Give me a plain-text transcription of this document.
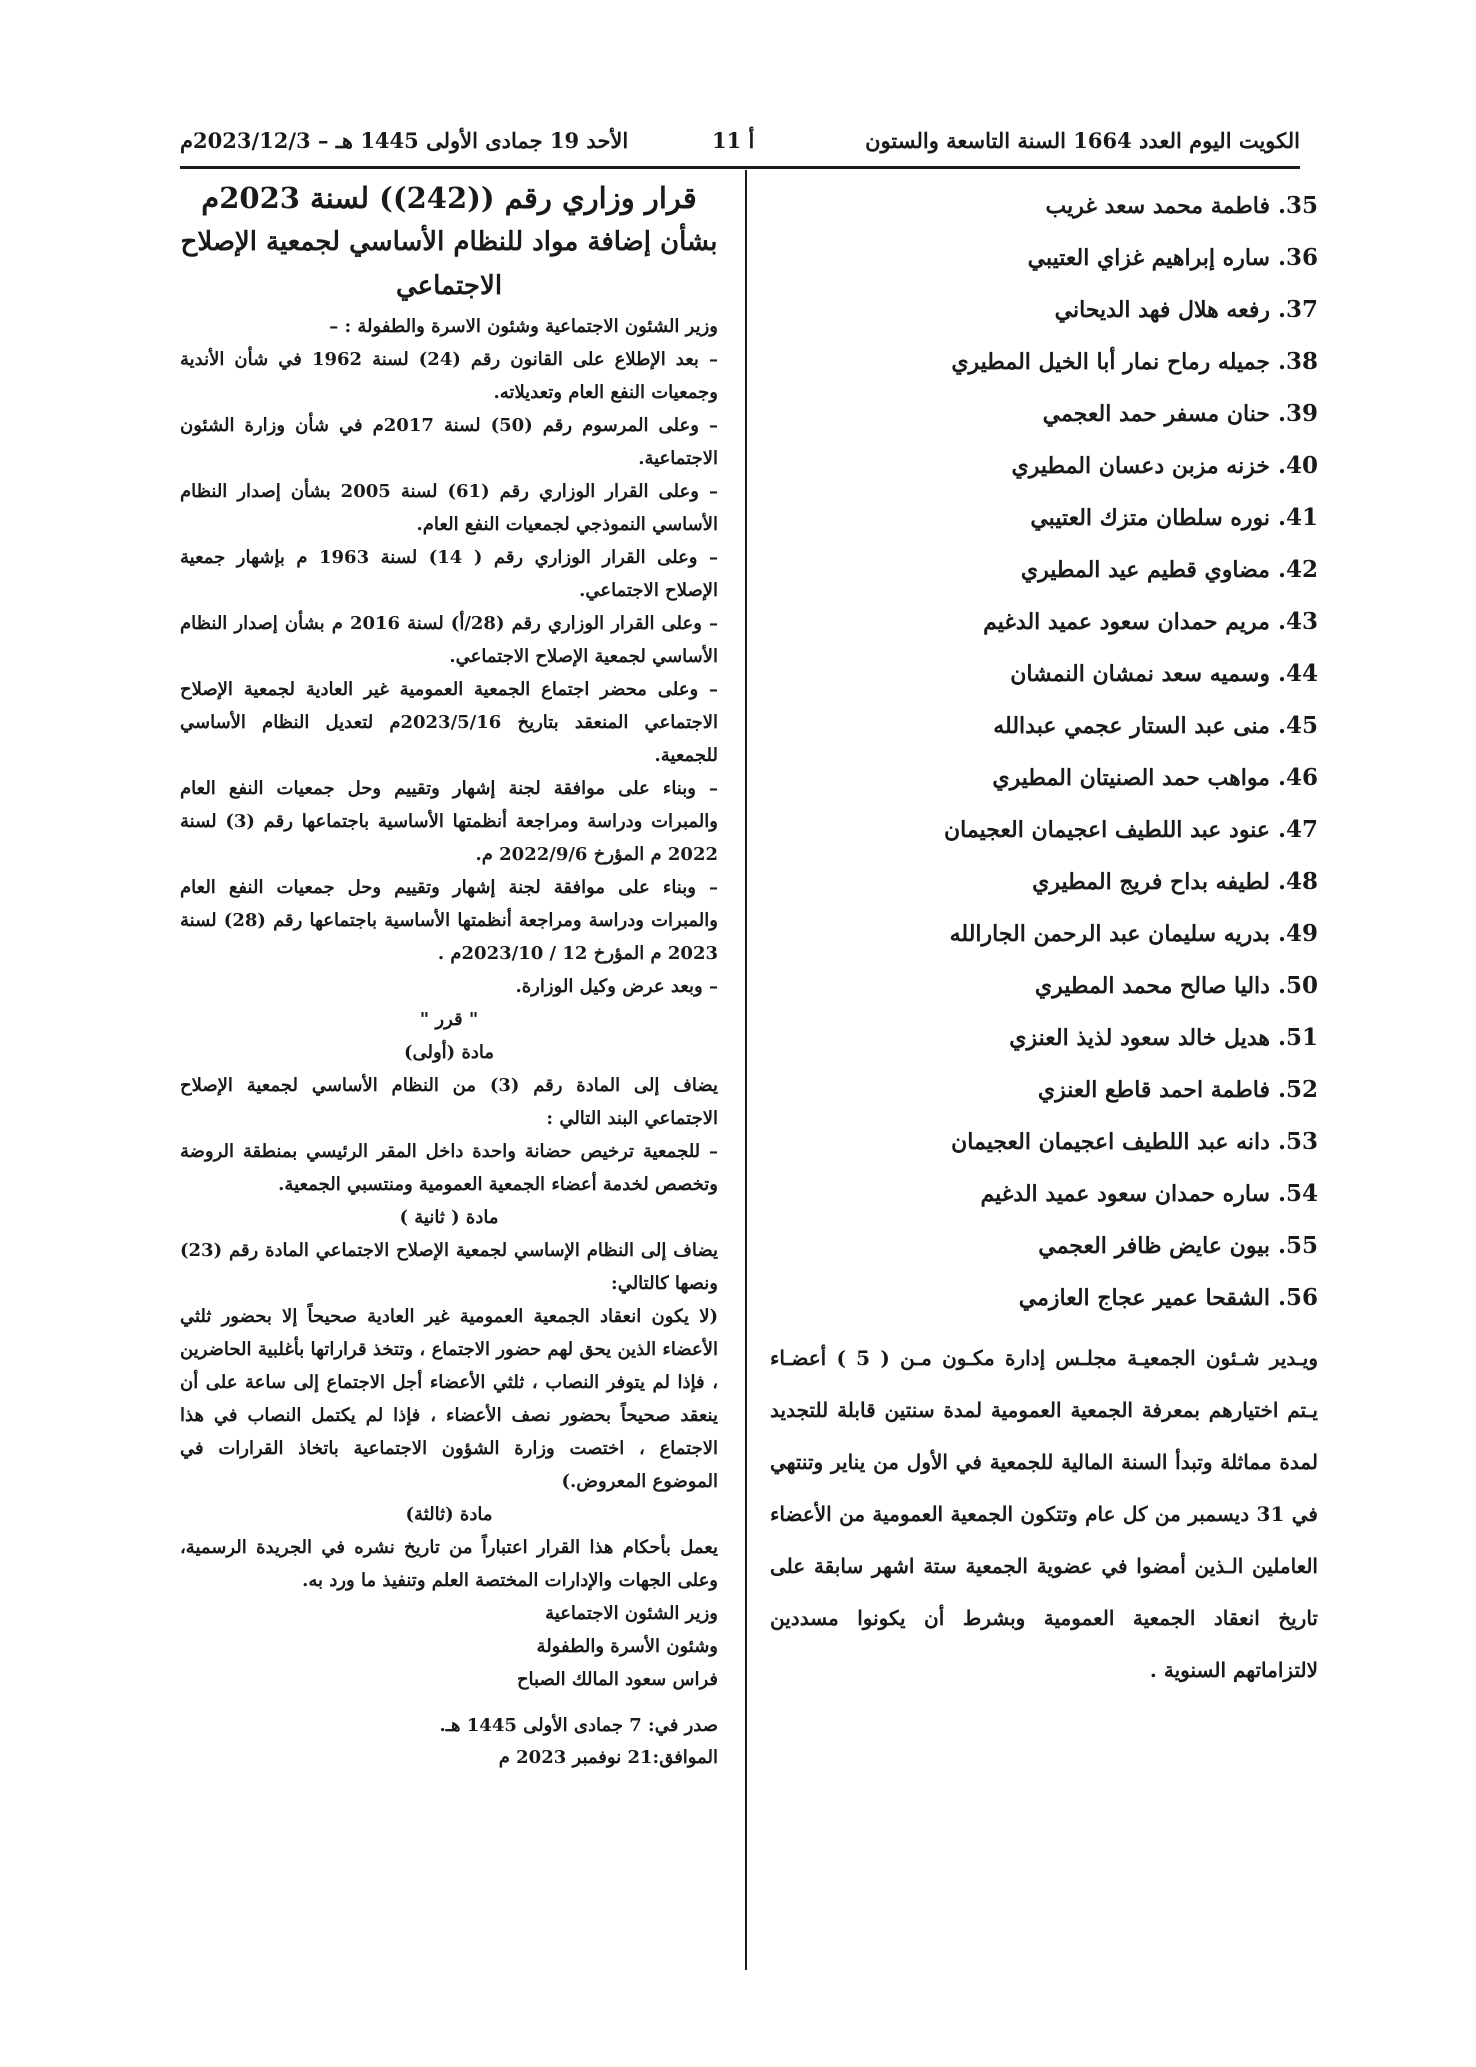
الكويت اليوم العدد 1664 السنة التاسعة والستون
أ 11
الأحد 19 جمادى الأولى 1445 هـ – 2023/12/3م
35.فاطمة محمد سعد غريب
36.ساره إبراهيم غزاي العتيبي
37.رفعه هلال فهد الديحاني
38.جميله رماح نمار أبا الخيل المطيري
39.حنان مسفر حمد العجمي
40.خزنه مزبن دعسان المطيري
41.نوره سلطان متزك العتيبي
42.مضاوي قطيم عيد المطيري
43.مريم حمدان سعود عميد الدغيم
44.وسميه سعد نمشان النمشان
45.منى عبد الستار عجمي عبدالله
46.مواهب حمد الصنيتان المطيري
47.عنود عبد اللطيف اعجيمان العجيمان
48.لطيفه بداح فريج المطيري
49.بدريه سليمان عبد الرحمن الجارالله
50.داليا صالح محمد المطيري
51.هديل خالد سعود لذيذ العنزي
52.فاطمة احمد قاطع العنزي
53.دانه عبد اللطيف اعجيمان العجيمان
54.ساره حمدان سعود عميد الدغيم
55.بيون عايض ظافر العجمي
56.الشقحا عمير عجاج العازمي

ويـدير شـئون الجمعيـة مجلـس إدارة مكـون مـن ( 5 ) أعضـاء يـتم اختيارهم بمعرفة الجمعية العمومية لمدة سنتين قابلة للتجديد لمدة مماثلة وتبدأ السنة المالية للجمعية في الأول من يناير وتنتهي في 31 ديسمبر من كل عام وتتكون الجمعية العمومية من الأعضاء العاملين الـذين أمضوا في عضوية الجمعية ستة اشهر سابقة على تاريخ انعقاد الجمعية العمومية وبشرط أن يكونوا مسددين لالتزاماتهم السنوية .

قرار وزاري رقم ((242)) لسنة 2023م

بشأن إضافة مواد للنظام الأساسي لجمعية الإصلاح الاجتماعي

وزير الشئون الاجتماعية وشئون الاسرة والطفولة : –

– بعد الإطلاع على القانون رقم (24) لسنة 1962 في شأن الأندية وجمعيات النفع العام وتعديلاته.

– وعلى المرسوم رقم (50) لسنة 2017م في شأن وزارة الشئون الاجتماعية.

– وعلى القرار الوزاري رقم (61) لسنة 2005 بشأن إصدار النظام الأساسي النموذجي لجمعيات النفع العام.

– وعلى القرار الوزاري رقم ( 14) لسنة 1963 م بإشهار جمعية الإصلاح الاجتماعي.

– وعلى القرار الوزاري رقم (28/أ) لسنة 2016 م بشأن إصدار النظام الأساسي لجمعية الإصلاح الاجتماعي.

– وعلى محضر اجتماع الجمعية العمومية غير العادية لجمعية الإصلاح الاجتماعي المنعقد بتاريخ 2023/5/16م لتعديل النظام الأساسي للجمعية.

– وبناء على موافقة لجنة إشهار وتقييم وحل جمعيات النفع العام والمبرات ودراسة ومراجعة أنظمتها الأساسية باجتماعها رقم (3) لسنة 2022 م المؤرخ 2022/9/6 م.

– وبناء على موافقة لجنة إشهار وتقييم وحل جمعيات النفع العام والمبرات ودراسة ومراجعة أنظمتها الأساسية باجتماعها رقم (28) لسنة 2023 م المؤرخ 12 / 2023/10م .

– وبعد عرض وكيل الوزارة.

" قرر "

مادة (أولى)

يضاف إلى المادة رقم (3) من النظام الأساسي لجمعية الإصلاح الاجتماعي البند التالي :

– للجمعية ترخيص حضانة واحدة داخل المقر الرئيسي بمنطقة الروضة وتخصص لخدمة أعضاء الجمعية العمومية ومنتسبي الجمعية.

مادة ( ثانية )

يضاف إلى النظام الإساسي لجمعية الإصلاح الاجتماعي المادة رقم (23) ونصها كالتالي:

(لا يكون انعقاد الجمعية العمومية غير العادية صحيحاً إلا بحضور ثلثي الأعضاء الذين يحق لهم حضور الاجتماع ، وتتخذ قراراتها بأغلبية الحاضرين ، فإذا لم يتوفر النصاب ، ثلثي الأعضاء أجل الاجتماع إلى ساعة على أن ينعقد صحيحاً بحضور نصف الأعضاء ، فإذا لم يكتمل النصاب في هذا الاجتماع ، اختصت وزارة الشؤون الاجتماعية باتخاذ القرارات في الموضوع المعروض.)

مادة (ثالثة)

يعمل بأحكام هذا القرار اعتباراً من تاريخ نشره في الجريدة الرسمية، وعلى الجهات والإدارات المختصة العلم وتنفيذ ما ورد به.

وزير الشئون الاجتماعية

وشئون الأسرة والطفولة

فراس سعود المالك الصباح

صدر في: 7 جمادى الأولى 1445 هـ.

الموافق:21 نوفمبر 2023 م
